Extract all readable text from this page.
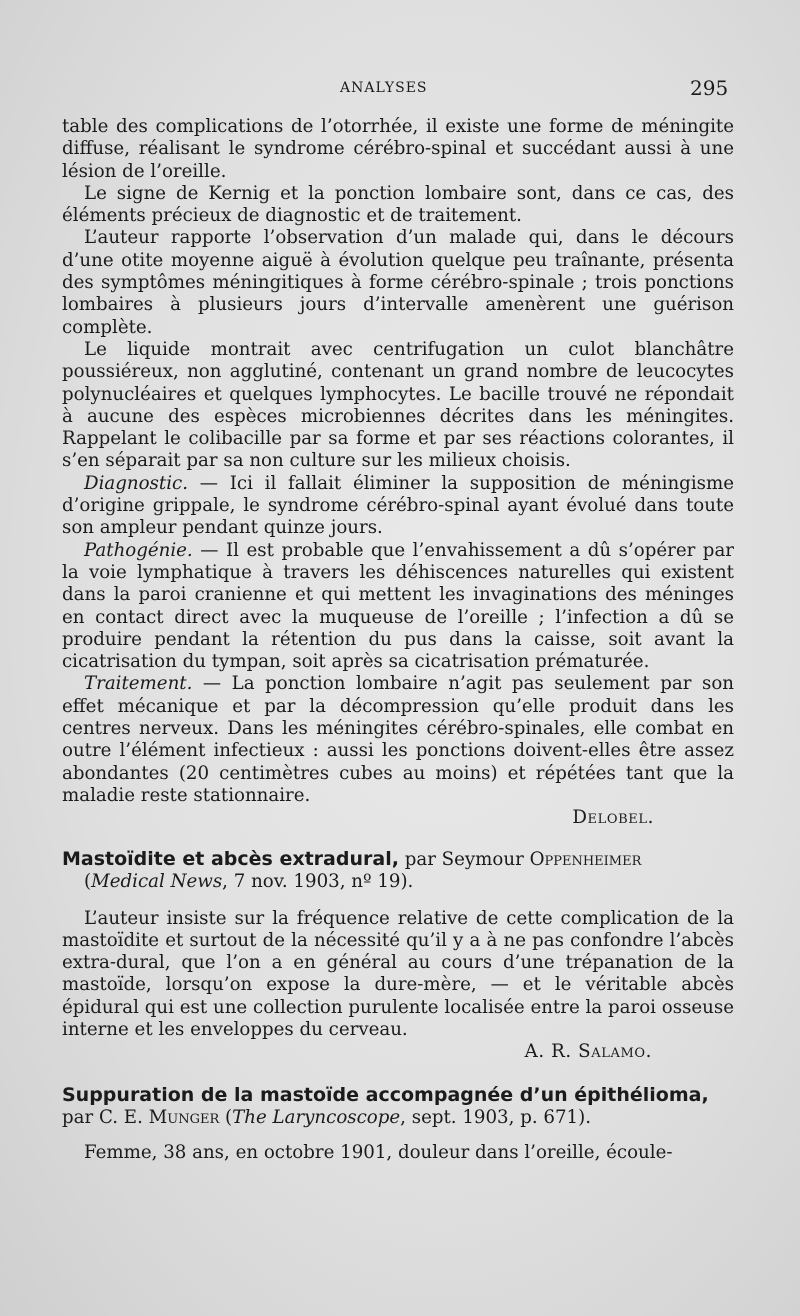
ANALYSES	295

table des complications de l’otorrhée, il existe une forme de méningite diffuse, réalisant le syndrome cérébro-spinal et succédant aussi à une lésion de l’oreille.

Le signe de Kernig et la ponction lombaire sont, dans ce cas, des éléments précieux de diagnostic et de traitement.

L’auteur rapporte l’observation d’un malade qui, dans le décours d’une otite moyenne aiguë à évolution quelque peu traînante, présenta des symptômes méningitiques à forme cérébro-spinale ; trois ponctions lombaires à plusieurs jours d’intervalle amenèrent une guérison complète.

Le liquide montrait avec centrifugation un culot blanchâtre poussiéreux, non agglutiné, contenant un grand nombre de leucocytes polynucléaires et quelques lymphocytes. Le bacille trouvé ne répondait à aucune des espèces microbiennes décrites dans les méningites. Rappelant le colibacille par sa forme et par ses réactions colorantes, il s’en séparait par sa non culture sur les milieux choisis.

Diagnostic. — Ici il fallait éliminer la supposition de méningisme d’origine grippale, le syndrome cérébro-spinal ayant évolué dans toute son ampleur pendant quinze jours.

Pathogénie. — Il est probable que l’envahissement a dû s’opérer par la voie lymphatique à travers les déhiscences naturelles qui existent dans la paroi cranienne et qui mettent les invaginations des méninges en contact direct avec la muqueuse de l’oreille ; l’infection a dû se produire pendant la rétention du pus dans la caisse, soit avant la cicatrisation du tympan, soit après sa cicatrisation prématurée.

Traitement. — La ponction lombaire n’agit pas seulement par son effet mécanique et par la décompression qu’elle produit dans les centres nerveux. Dans les méningites cérébro-spinales, elle combat en outre l’élément infectieux : aussi les ponctions doivent-elles être assez abondantes (20 centimètres cubes au moins) et répétées tant que la maladie reste stationnaire.

Delobel.

Mastoïdite et abcès extradural, par Seymour Oppenheimer
(Medical News, 7 nov. 1903, nº 19).

L’auteur insiste sur la fréquence relative de cette complication de la mastoïdite et surtout de la nécessité qu’il y a à ne pas confondre l’abcès extra-dural, que l’on a en général au cours d’une trépanation de la mastoïde, lorsqu’on expose la dure-mère, — et le véritable abcès épidural qui est une collection purulente localisée entre la paroi osseuse interne et les enveloppes du cerveau.

A. R. Salamo.

Suppuration de la mastoïde accompagnée d’un épithélioma, par C. E. Munger (The Laryncoscope, sept. 1903, p. 671).

Femme, 38 ans, en octobre 1901, douleur dans l’oreille, écoule-
